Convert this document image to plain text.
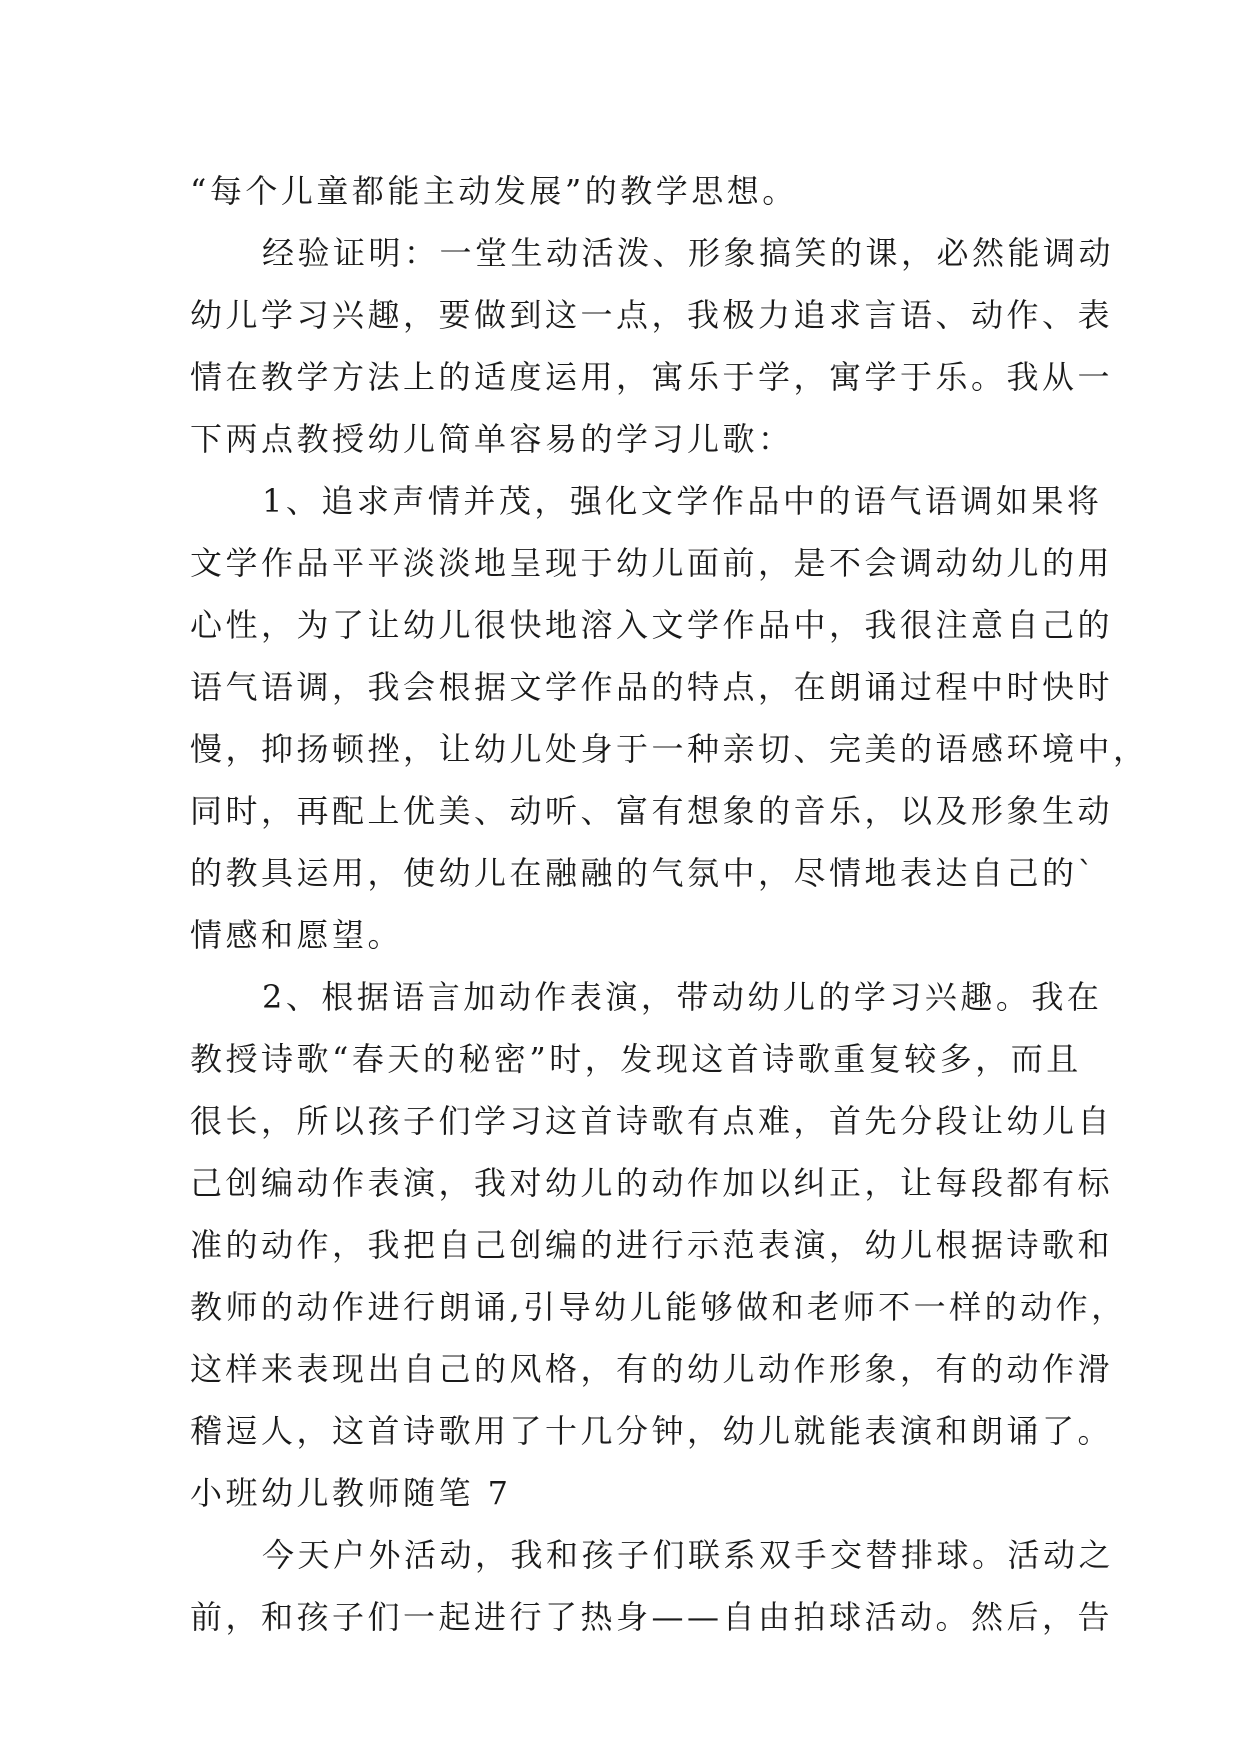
“每个儿童都能主动发展”的教学思想。
经验证明：一堂生动活泼、形象搞笑的课，必然能调动
幼儿学习兴趣，要做到这一点，我极力追求言语、动作、表
情在教学方法上的适度运用，寓乐于学，寓学于乐。我从一
下两点教授幼儿简单容易的学习儿歌：
1、追求声情并茂，强化文学作品中的语气语调如果将
文学作品平平淡淡地呈现于幼儿面前，是不会调动幼儿的用
心性，为了让幼儿很快地溶入文学作品中，我很注意自己的
语气语调，我会根据文学作品的特点，在朗诵过程中时快时
慢，抑扬顿挫，让幼儿处身于一种亲切、完美的语感环境中，
同时，再配上优美、动听、富有想象的音乐，以及形象生动
的教具运用，使幼儿在融融的气氛中，尽情地表达自己的`
情感和愿望。
2、根据语言加动作表演，带动幼儿的学习兴趣。我在
教授诗歌“春天的秘密”时，发现这首诗歌重复较多，而且
很长，所以孩子们学习这首诗歌有点难，首先分段让幼儿自
己创编动作表演，我对幼儿的动作加以纠正，让每段都有标
准的动作，我把自己创编的进行示范表演，幼儿根据诗歌和
教师的动作进行朗诵,引导幼儿能够做和老师不一样的动作，
这样来表现出自己的风格，有的幼儿动作形象，有的动作滑
稽逗人，这首诗歌用了十几分钟，幼儿就能表演和朗诵了。
小班幼儿教师随笔 7
今天户外活动，我和孩子们联系双手交替排球。活动之
前，和孩子们一起进行了热身——自由拍球活动。然后，告
